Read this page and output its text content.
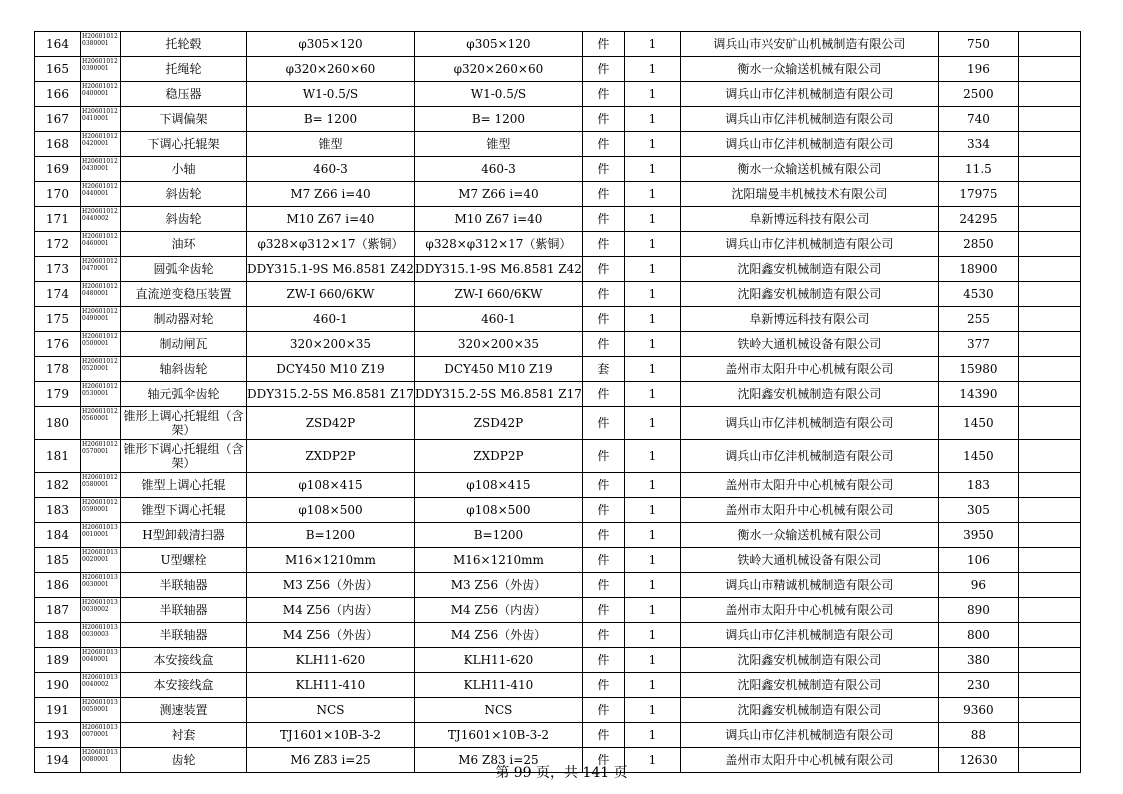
164	H20601012 0380001	托轮毂	φ305×120	φ305×120	件	1	调兵山市兴安矿山机械制造有限公司	750	
165	H20601012 0390001	托绳轮	φ320×260×60	φ320×260×60	件	1	衡水一众输送机械有限公司	196	
166	H20601012 0400001	稳压器	W1-0.5/S	W1-0.5/S	件	1	调兵山市亿沣机械制造有限公司	2500	
167	H20601012 0410001	下调偏架	B= 1200	B= 1200	件	1	调兵山市亿沣机械制造有限公司	740	
168	H20601012 0420001	下调心托辊架	锥型	锥型	件	1	调兵山市亿沣机械制造有限公司	334	
169	H20601012 0430001	小轴	460-3	460-3	件	1	衡水一众输送机械有限公司	11.5	
170	H20601012 0440001	斜齿轮	M7 Z66 i=40	M7 Z66 i=40	件	1	沈阳瑞曼丰机械技术有限公司	17975	
171	H20601012 0440002	斜齿轮	M10 Z67 i=40	M10 Z67 i=40	件	1	阜新博远科技有限公司	24295	
172	H20601012 0460001	油环	φ328×φ312×17（紫铜）	φ328×φ312×17（紫铜）	件	1	调兵山市亿沣机械制造有限公司	2850	
173	H20601012 0470001	圆弧伞齿轮	DDY315.1-9S M6.8581 Z42	DDY315.1-9S M6.8581 Z42	件	1	沈阳鑫安机械制造有限公司	18900	
174	H20601012 0480001	直流逆变稳压装置	ZW-I 660/6KW	ZW-I 660/6KW	件	1	沈阳鑫安机械制造有限公司	4530	
175	H20601012 0490001	制动器对轮	460-1	460-1	件	1	阜新博远科技有限公司	255	
176	H20601012 0500001	制动闸瓦	320×200×35	320×200×35	件	1	铁岭大通机械设备有限公司	377	
178	H20601012 0520001	轴斜齿轮	DCY450 M10 Z19	DCY450 M10 Z19	套	1	盖州市太阳升中心机械有限公司	15980	
179	H20601012 0530001	轴元弧伞齿轮	DDY315.2-5S M6.8581 Z17	DDY315.2-5S M6.8581 Z17	件	1	沈阳鑫安机械制造有限公司	14390	
180	H20601012 0560001	锥形上调心托辊组（含架）	ZSD42P	ZSD42P	件	1	调兵山市亿沣机械制造有限公司	1450	
181	H20601012 0570001	锥形下调心托辊组（含架）	ZXDP2P	ZXDP2P	件	1	调兵山市亿沣机械制造有限公司	1450	
182	H20601012 0580001	锥型上调心托辊	φ108×415	φ108×415	件	1	盖州市太阳升中心机械有限公司	183	
183	H20601012 0590001	锥型下调心托辊	φ108×500	φ108×500	件	1	盖州市太阳升中心机械有限公司	305	
184	H20601013 0010001	H型卸载清扫器	B=1200	B=1200	件	1	衡水一众输送机械有限公司	3950	
185	H20601013 0020001	U型螺栓	M16×1210mm	M16×1210mm	件	1	铁岭大通机械设备有限公司	106	
186	H20601013 0030001	半联轴器	M3 Z56（外齿）	M3 Z56（外齿）	件	1	调兵山市精诚机械制造有限公司	96	
187	H20601013 0030002	半联轴器	M4 Z56（内齿）	M4 Z56（内齿）	件	1	盖州市太阳升中心机械有限公司	890	
188	H20601013 0030003	半联轴器	M4 Z56（外齿）	M4 Z56（外齿）	件	1	调兵山市亿沣机械制造有限公司	800	
189	H20601013 0040001	本安接线盒	KLH11-620	KLH11-620	件	1	沈阳鑫安机械制造有限公司	380	
190	H20601013 0040002	本安接线盒	KLH11-410	KLH11-410	件	1	沈阳鑫安机械制造有限公司	230	
191	H20601013 0050001	测速装置	NCS	NCS	件	1	沈阳鑫安机械制造有限公司	9360	
193	H20601013 0070001	衬套	TJ1601×10B-3-2	TJ1601×10B-3-2	件	1	调兵山市亿沣机械制造有限公司	88	
194	H20601013 0080001	齿轮	M6 Z83 i=25	M6 Z83 i=25	件	1	盖州市太阳升中心机械有限公司	12630	
第 99 页，共 141 页
